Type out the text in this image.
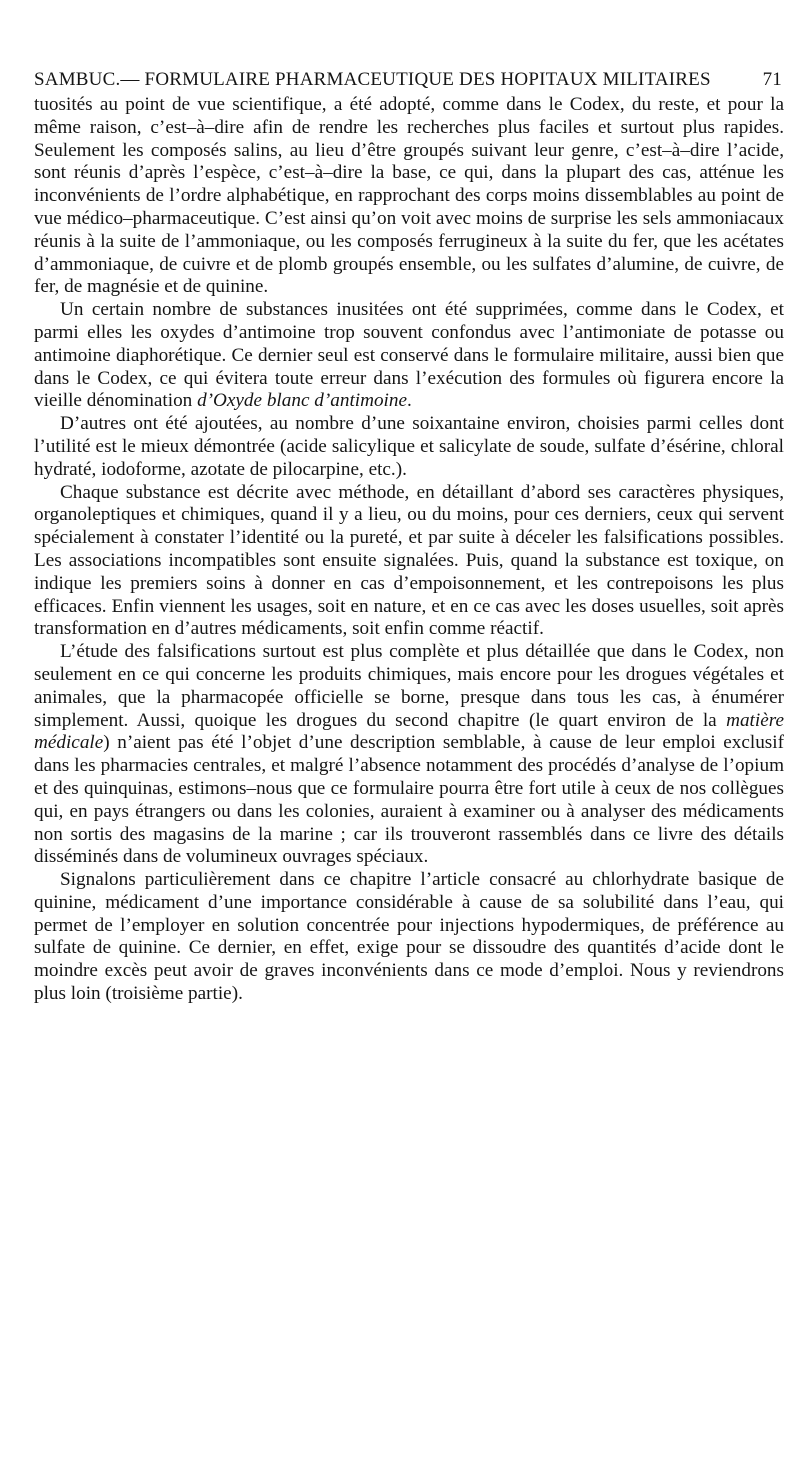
SAMBUC.— FORMULAIRE PHARMACEUTIQUE DES HOPITAUX MILITAIRES	71

tuosités au point de vue scientifique, a été adopté, comme dans le Codex, du reste, et pour la même raison, c’est–à–dire afin de rendre les recherches plus faciles et surtout plus rapides. Seulement les composés salins, au lieu d’être groupés suivant leur genre, c’est–à–dire l’acide, sont réunis d’après l’espèce, c’est–à–dire la base, ce qui, dans la plupart des cas, atténue les inconvénients de l’ordre alphabétique, en rapprochant des corps moins dissemblables au point de vue médico–pharmaceutique. C’est ainsi qu’on voit avec moins de surprise les sels ammoniacaux réunis à la suite de l’ammoniaque, ou les composés ferrugineux à la suite du fer, que les acétates d’ammoniaque, de cuivre et de plomb groupés ensemble, ou les sulfates d’alumine, de cuivre, de fer, de magnésie et de quinine.

Un certain nombre de substances inusitées ont été supprimées, comme dans le Codex, et parmi elles les oxydes d’antimoine trop souvent confondus avec l’antimoniate de potasse ou antimoine diaphorétique. Ce dernier seul est conservé dans le formulaire militaire, aussi bien que dans le Codex, ce qui évitera toute erreur dans l’exécution des formules où figurera encore la vieille dénomination d’Oxyde blanc d’antimoine.

D’autres ont été ajoutées, au nombre d’une soixantaine environ, choisies parmi celles dont l’utilité est le mieux démontrée (acide salicylique et salicylate de soude, sulfate d’ésérine, chloral hydraté, iodoforme, azotate de pilocarpine, etc.).

Chaque substance est décrite avec méthode, en détaillant d’abord ses caractères physiques, organoleptiques et chimiques, quand il y a lieu, ou du moins, pour ces derniers, ceux qui servent spécialement à constater l’identité ou la pureté, et par suite à déceler les falsifications possibles. Les associations incompatibles sont ensuite signalées. Puis, quand la substance est toxique, on indique les premiers soins à donner en cas d’empoisonnement, et les contrepoisons les plus efficaces. Enfin viennent les usages, soit en nature, et en ce cas avec les doses usuelles, soit après transformation en d’autres médicaments, soit enfin comme réactif.

L’étude des falsifications surtout est plus complète et plus détaillée que dans le Codex, non seulement en ce qui concerne les produits chimiques, mais encore pour les drogues végétales et animales, que la pharmacopée officielle se borne, presque dans tous les cas, à énumérer simplement. Aussi, quoique les drogues du second chapitre (le quart environ de la matière médicale) n’aient pas été l’objet d’une description semblable, à cause de leur emploi exclusif dans les pharmacies centrales, et malgré l’absence notamment des procédés d’analyse de l’opium et des quinquinas, estimons–nous que ce formulaire pourra être fort utile à ceux de nos collègues qui, en pays étrangers ou dans les colonies, auraient à examiner ou à analyser des médicaments non sortis des magasins de la marine ; car ils trouveront rassemblés dans ce livre des détails disséminés dans de volumineux ouvrages spéciaux.

Signalons particulièrement dans ce chapitre l’article consacré au chlorhydrate basique de quinine, médicament d’une importance considérable à cause de sa solubilité dans l’eau, qui permet de l’employer en solution concentrée pour injections hypodermiques, de préférence au sulfate de quinine. Ce dernier, en effet, exige pour se dissoudre des quantités d’acide dont le moindre excès peut avoir de graves inconvénients dans ce mode d’emploi. Nous y reviendrons plus loin (troisième partie).
